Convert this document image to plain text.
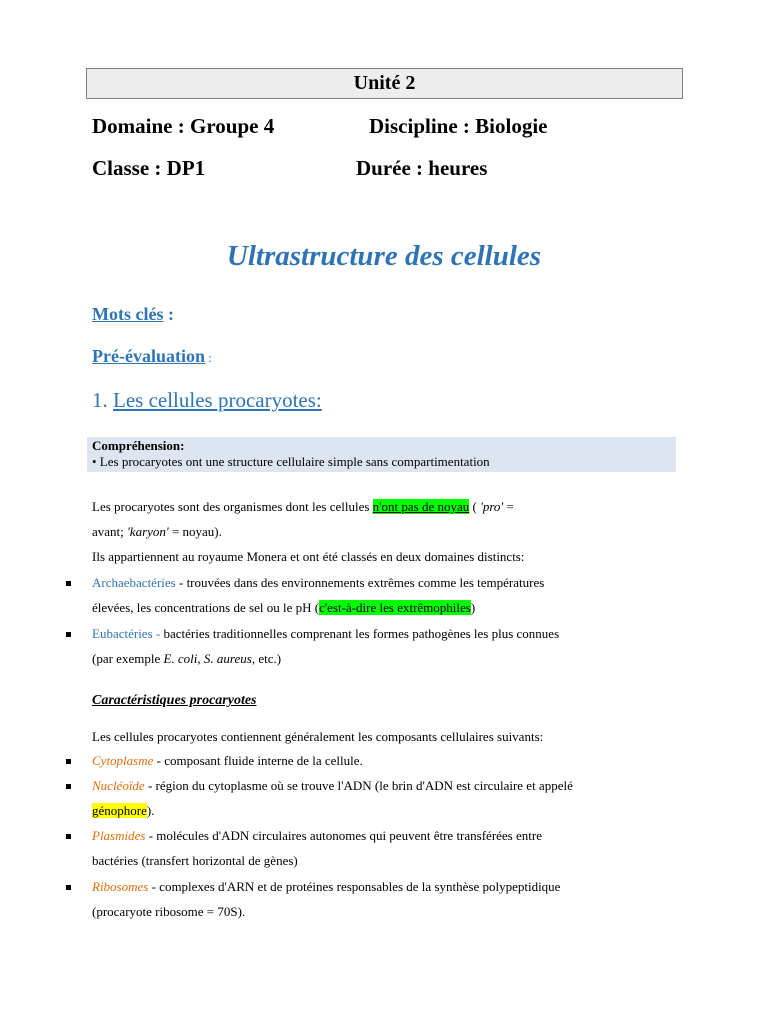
Unité 2
Domaine : Groupe 4	Discipline : Biologie
Classe : DP1	Durée : heures
Ultrastructure des cellules
Mots clés :
Pré-évaluation :
1. Les cellules procaryotes:
Compréhension:
• Les procaryotes ont une structure cellulaire simple sans compartimentation
Les procaryotes sont des organismes dont les cellules n'ont pas de noyau ( 'pro' =
avant; 'karyon' = noyau).
Ils appartiennent au royaume Monera et ont été classés en deux domaines distincts:
Archaebactéries - trouvées dans des environnements extrêmes comme les températures
élevées, les concentrations de sel ou le pH (c'est-à-dire les extrêmophiles)
Eubactéries - bactéries traditionnelles comprenant les formes pathogènes les plus connues
(par exemple E. coli, S. aureus, etc.)
Caractéristiques procaryotes
Les cellules procaryotes contiennent généralement les composants cellulaires suivants:
Cytoplasme - composant fluide interne de la cellule.
Nucléoïde - région du cytoplasme où se trouve l'ADN (le brin d'ADN est circulaire et appelé
génophore).
Plasmides - molécules d'ADN circulaires autonomes qui peuvent être transférées entre
bactéries (transfert horizontal de gènes)
Ribosomes - complexes d'ARN et de protéines responsables de la synthèse polypeptidique
(procaryote ribosome = 70S).
